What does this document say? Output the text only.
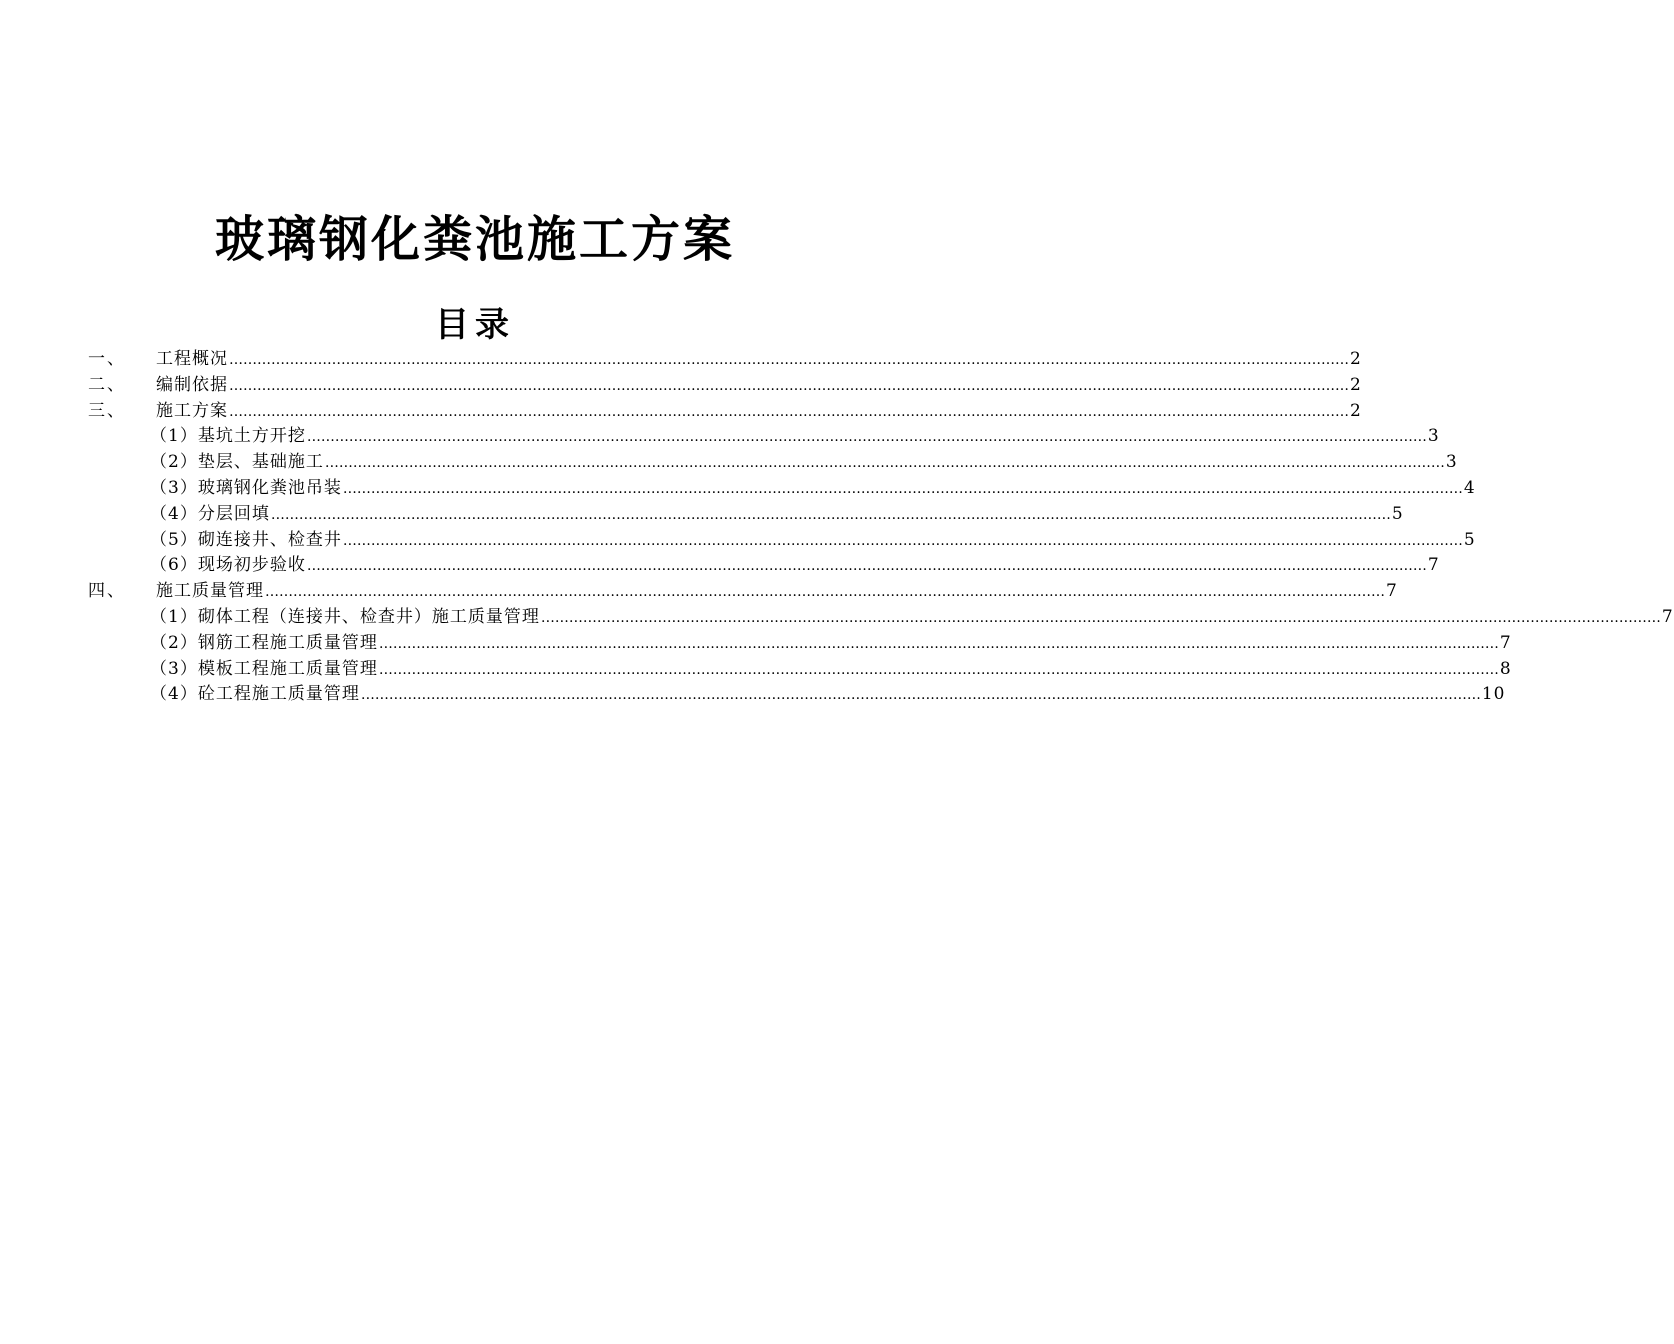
玻璃钢化粪池施工方案
目录
一、 工程概况 …………………………………………………………………………………………………………………………………………………………………………………………………………………… 2
二、 编制依据 …………………………………………………………………………………………………………………………………………………………………………………………………………………… 2
三、 施工方案 …………………………………………………………………………………………………………………………………………………………………………………………………………………… 2
（1）基坑土方开挖 …………………………………………………………………………………………………………………………………………………………………………………………………………………… 3
（2）垫层、基础施工 …………………………………………………………………………………………………………………………………………………………………………………………………………………… 3
（3）玻璃钢化粪池吊装 …………………………………………………………………………………………………………………………………………………………………………………………………………………… 4
（4）分层回填 …………………………………………………………………………………………………………………………………………………………………………………………………………………… 5
（5）砌连接井、检查井 …………………………………………………………………………………………………………………………………………………………………………………………………………………… 5
（6）现场初步验收 …………………………………………………………………………………………………………………………………………………………………………………………………………………… 7
四、 施工质量管理 …………………………………………………………………………………………………………………………………………………………………………………………………………………… 7
（1）砌体工程（连接井、检查井）施工质量管理 …………………………………………………………………………………………………………………………………………………………………………………………………………………… 7
（2）钢筋工程施工质量管理 …………………………………………………………………………………………………………………………………………………………………………………………………………………… 7
（3）模板工程施工质量管理 …………………………………………………………………………………………………………………………………………………………………………………………………………………… 8
（4）砼工程施工质量管理 …………………………………………………………………………………………………………………………………………………………………………………………………………………… 10
